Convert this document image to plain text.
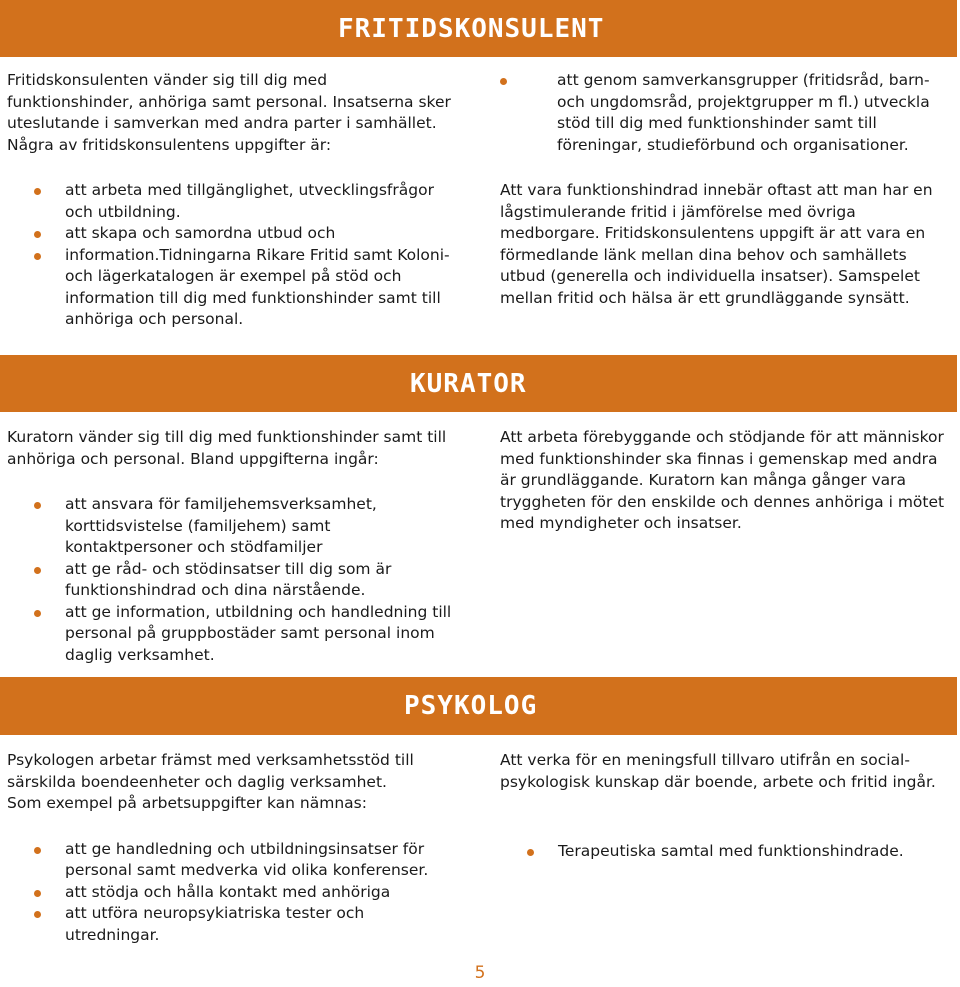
FRITIDSKONSULENT

Fritidskonsulenten vänder sig till dig med funktionshinder, anhöriga samt personal. Insatserna sker uteslutande i samverkan med andra parter i samhället. Några av fritidskonsulentens uppgifter är:

att arbeta med tillgänglighet, utvecklingsfrågor och utbildning.
att skapa och samordna utbud och
information.Tidningarna Rikare Fritid samt Koloni- och lägerkatalogen är exempel på stöd och information till dig med funktionshinder samt till anhöriga och personal.
att genom samverkansgrupper (fritidsråd, barn- och ungdomsråd, projektgrupper m fl.) utveckla stöd till dig med funktionshinder samt till föreningar, studieförbund och organisationer.

Att vara funktionshindrad innebär oftast att man har en lågstimulerande fritid i jämförelse med övriga medborgare. Fritidskonsulentens uppgift är att vara en förmedlande länk mellan dina behov och samhällets utbud (generella och individuella insatser). Samspelet mellan fritid och hälsa är ett grundläggande synsätt.

KURATOR

Kuratorn vänder sig till dig med funktionshinder samt till anhöriga och personal. Bland uppgifterna ingår:

att ansvara för familjehemsverksamhet, korttidsvistelse (familjehem) samt kontaktpersoner och stödfamiljer
att ge råd- och stödinsatser till dig som är funktionshindrad och dina närstående.
att ge information, utbildning och handledning till personal på gruppbostäder samt personal inom daglig verksamhet.

Att arbeta förebyggande och stödjande för att människor med funktionshinder ska finnas i gemenskap med andra är grundläggande. Kuratorn kan många gånger vara tryggheten för den enskilde och dennes anhöriga i mötet med myndigheter och insatser.

PSYKOLOG

Psykologen arbetar främst med verksamhetsstöd till särskilda boendeenheter och daglig verksamhet.

Som exempel på arbetsuppgifter kan nämnas:

att ge handledning och utbildningsinsatser för personal samt medverka vid olika konferenser.
att stödja och hålla kontakt med anhöriga
att utföra neuropsykiatriska tester och utredningar.

Att verka för en meningsfull tillvaro utifrån en socialpsykologisk kunskap där boende, arbete och fritid ingår.

Terapeutiska samtal med funktionshindrade.
5
